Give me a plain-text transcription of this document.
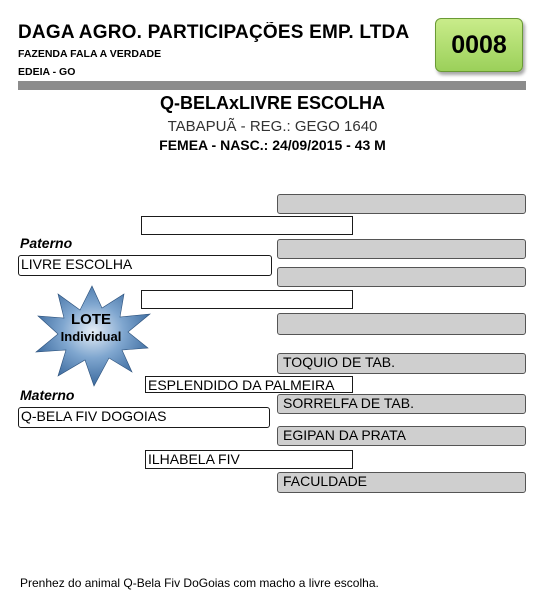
DAGA AGRO. PARTICIPAÇÕES EMP. LTDA
FAZENDA FALA A VERDADE
EDEIA - GO
0008
Q-BELAxLIVRE ESCOLHA
TABAPUÃ - REG.: GEGO 1640
FEMEA - NASC.: 24/09/2015 - 43 M
Paterno
LIVRE ESCOLHA
LOTE
Individual
TOQUIO DE TAB.
ESPLENDIDO DA PALMEIRA
Materno	SORRELFA DE TAB.
Q-BELA FIV DOGOIAS
EGIPAN DA PRATA
ILHABELA FIV
FACULDADE
Prenhez do animal Q-Bela Fiv DoGoias com macho a livre escolha.
